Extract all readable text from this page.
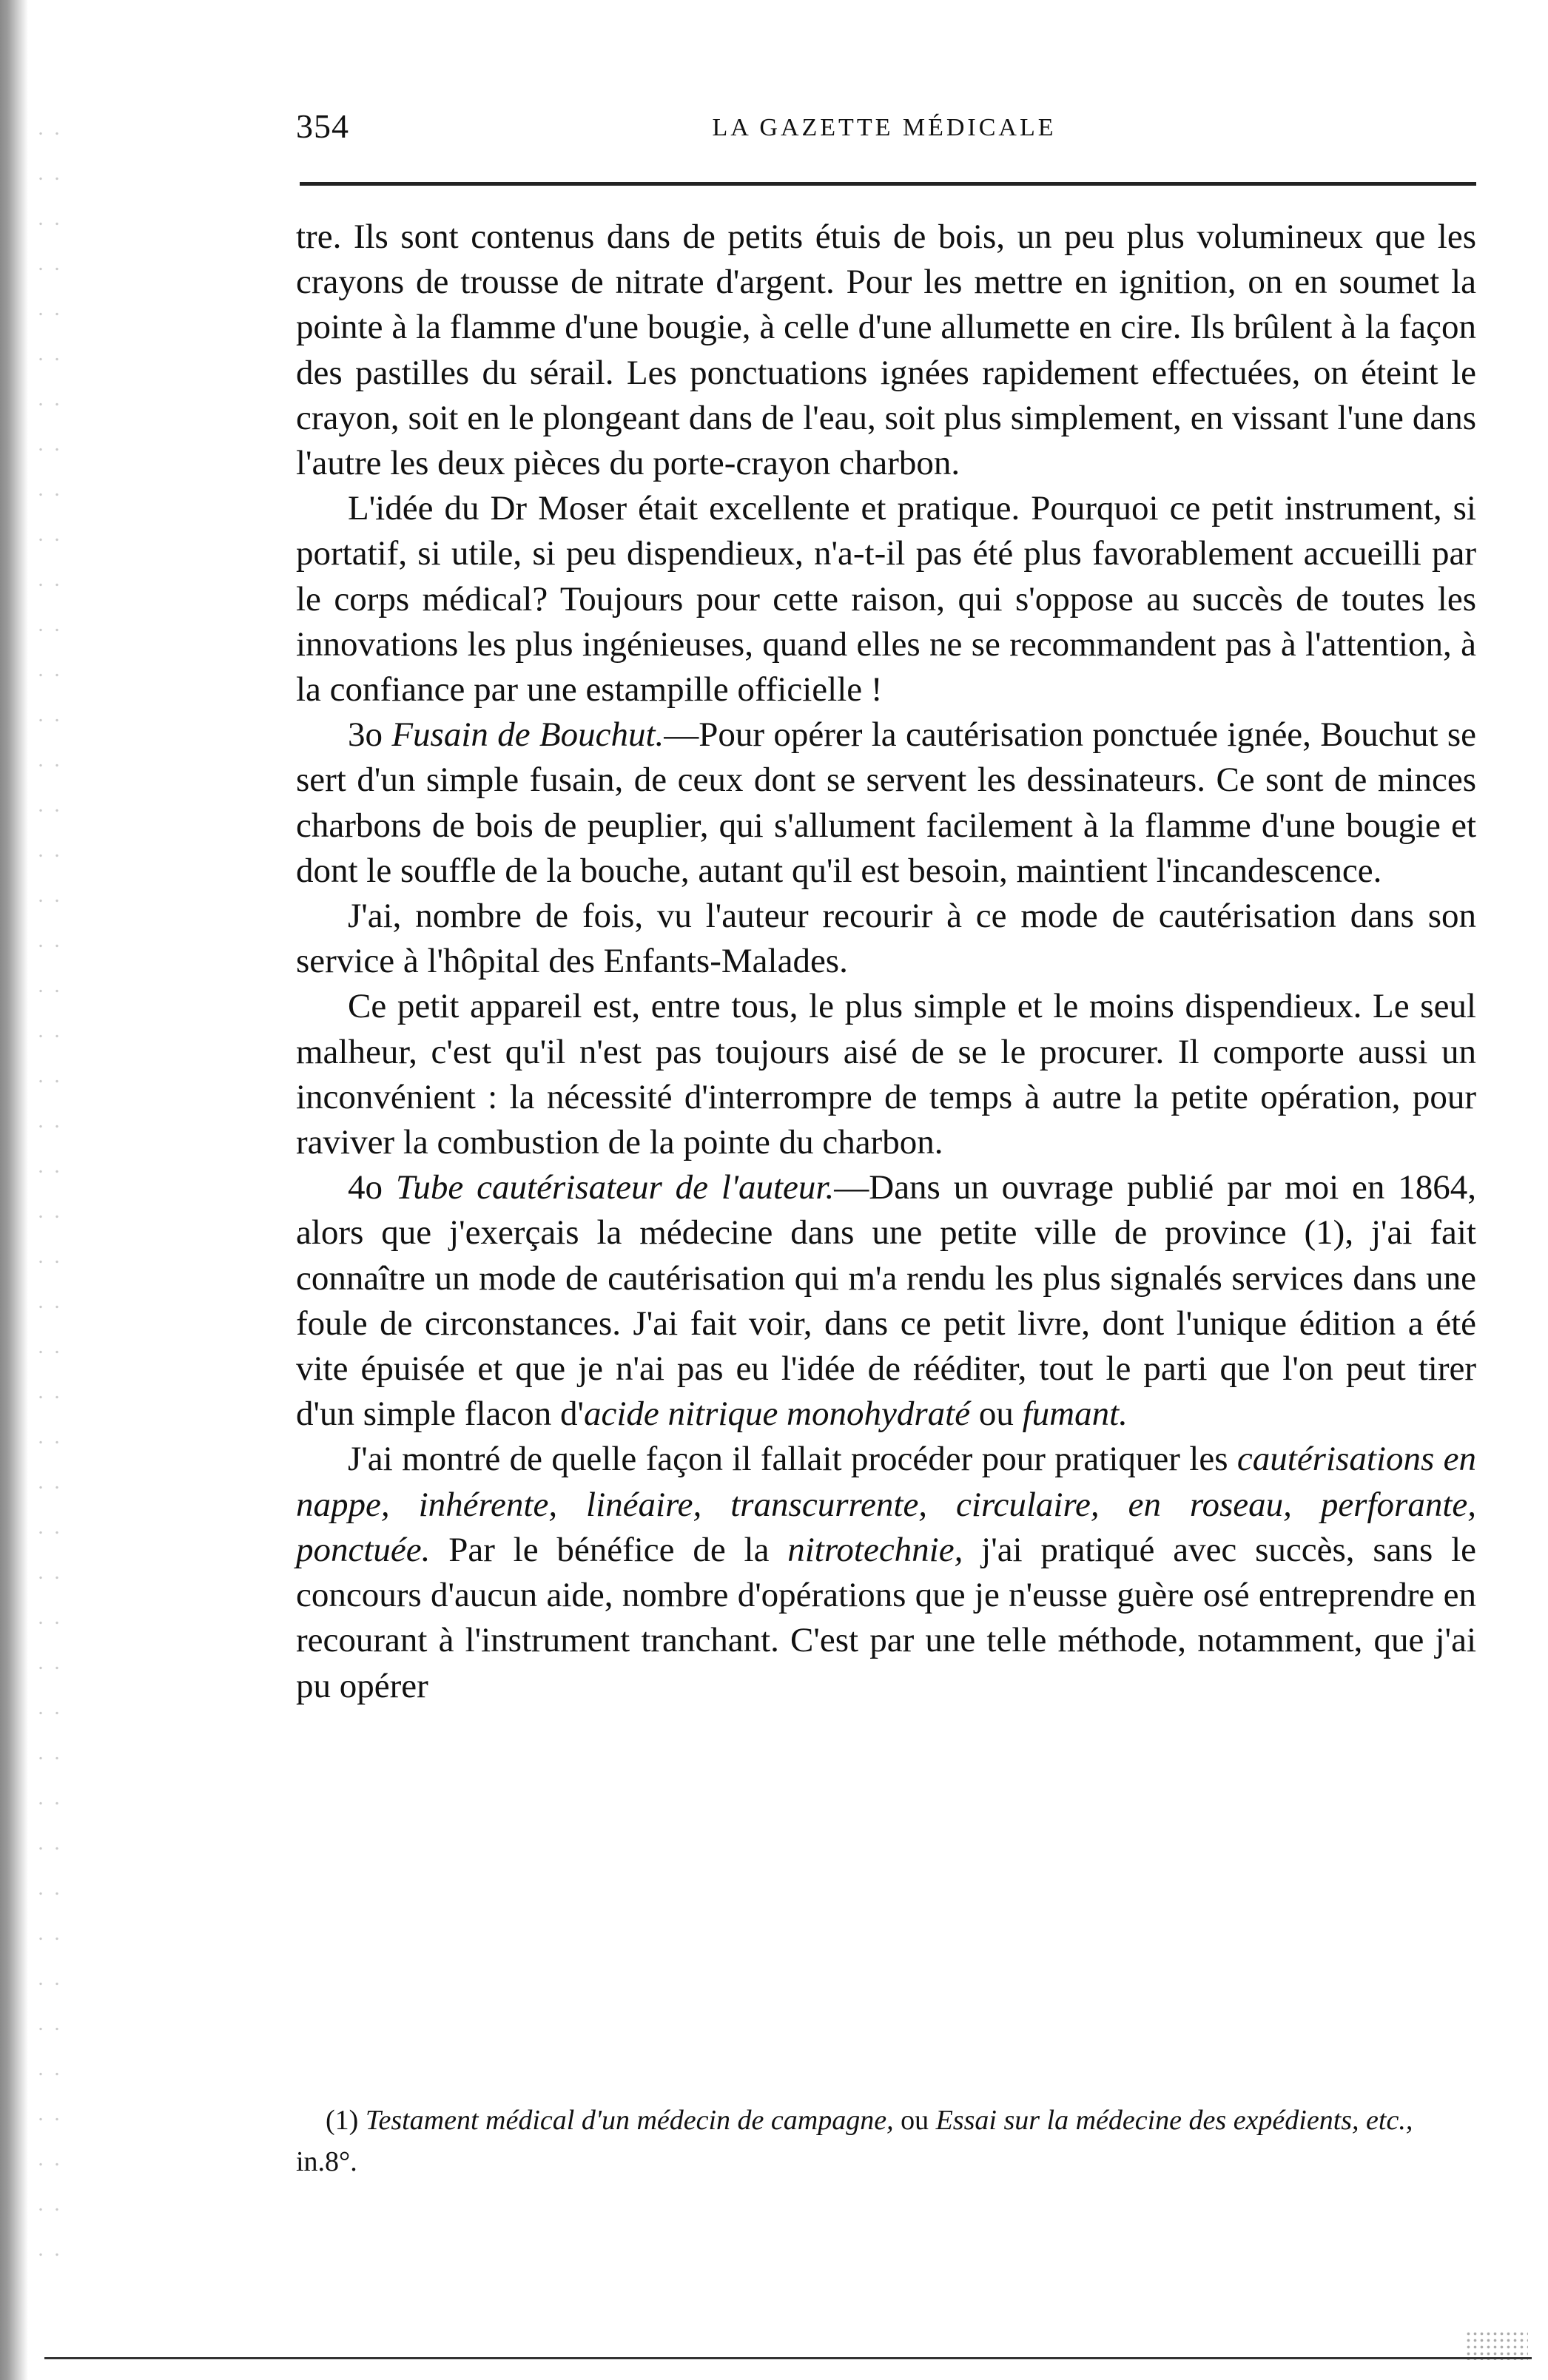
354	LA GAZETTE MÉDICALE

tre. Ils sont contenus dans de petits étuis de bois, un peu plus volumineux que les crayons de trousse de nitrate d'argent. Pour les mettre en ignition, on en soumet la pointe à la flamme d'une bougie, à celle d'une allumette en cire. Ils brûlent à la façon des pastilles du sérail. Les ponctuations ignées rapidement effectuées, on éteint le crayon, soit en le plongeant dans de l'eau, soit plus simplement, en vissant l'une dans l'autre les deux pièces du porte-crayon charbon.

L'idée du Dr Moser était excellente et pratique. Pourquoi ce petit instrument, si portatif, si utile, si peu dispendieux, n'a-t-il pas été plus favorablement accueilli par le corps médical? Toujours pour cette raison, qui s'oppose au succès de toutes les innovations les plus ingénieuses, quand elles ne se recommandent pas à l'attention, à la confiance par une estampille officielle !

3o Fusain de Bouchut.—Pour opérer la cautérisation ponctuée ignée, Bouchut se sert d'un simple fusain, de ceux dont se servent les dessinateurs. Ce sont de minces charbons de bois de peuplier, qui s'allument facilement à la flamme d'une bougie et dont le souffle de la bouche, autant qu'il est besoin, maintient l'incandescence.

J'ai, nombre de fois, vu l'auteur recourir à ce mode de cautérisation dans son service à l'hôpital des Enfants-Malades.

Ce petit appareil est, entre tous, le plus simple et le moins dispendieux. Le seul malheur, c'est qu'il n'est pas toujours aisé de se le procurer. Il comporte aussi un inconvénient : la nécessité d'interrompre de temps à autre la petite opération, pour raviver la combustion de la pointe du charbon.

4o Tube cautérisateur de l'auteur.—Dans un ouvrage publié par moi en 1864, alors que j'exerçais la médecine dans une petite ville de province (1), j'ai fait connaître un mode de cautérisation qui m'a rendu les plus signalés services dans une foule de circonstances. J'ai fait voir, dans ce petit livre, dont l'unique édition a été vite épuisée et que je n'ai pas eu l'idée de rééditer, tout le parti que l'on peut tirer d'un simple flacon d'acide nitrique monohydraté ou fumant.

J'ai montré de quelle façon il fallait procéder pour pratiquer les cautérisations en nappe, inhérente, linéaire, transcurrente, circulaire, en roseau, perforante, ponctuée. Par le bénéfice de la nitrotechnie, j'ai pratiqué avec succès, sans le concours d'aucun aide, nombre d'opérations que je n'eusse guère osé entreprendre en recourant à l'instrument tranchant. C'est par une telle méthode, notamment, que j'ai pu opérer

(1) Testament médical d'un médecin de campagne, ou Essai sur la médecine des expédients, etc., in.8°.
